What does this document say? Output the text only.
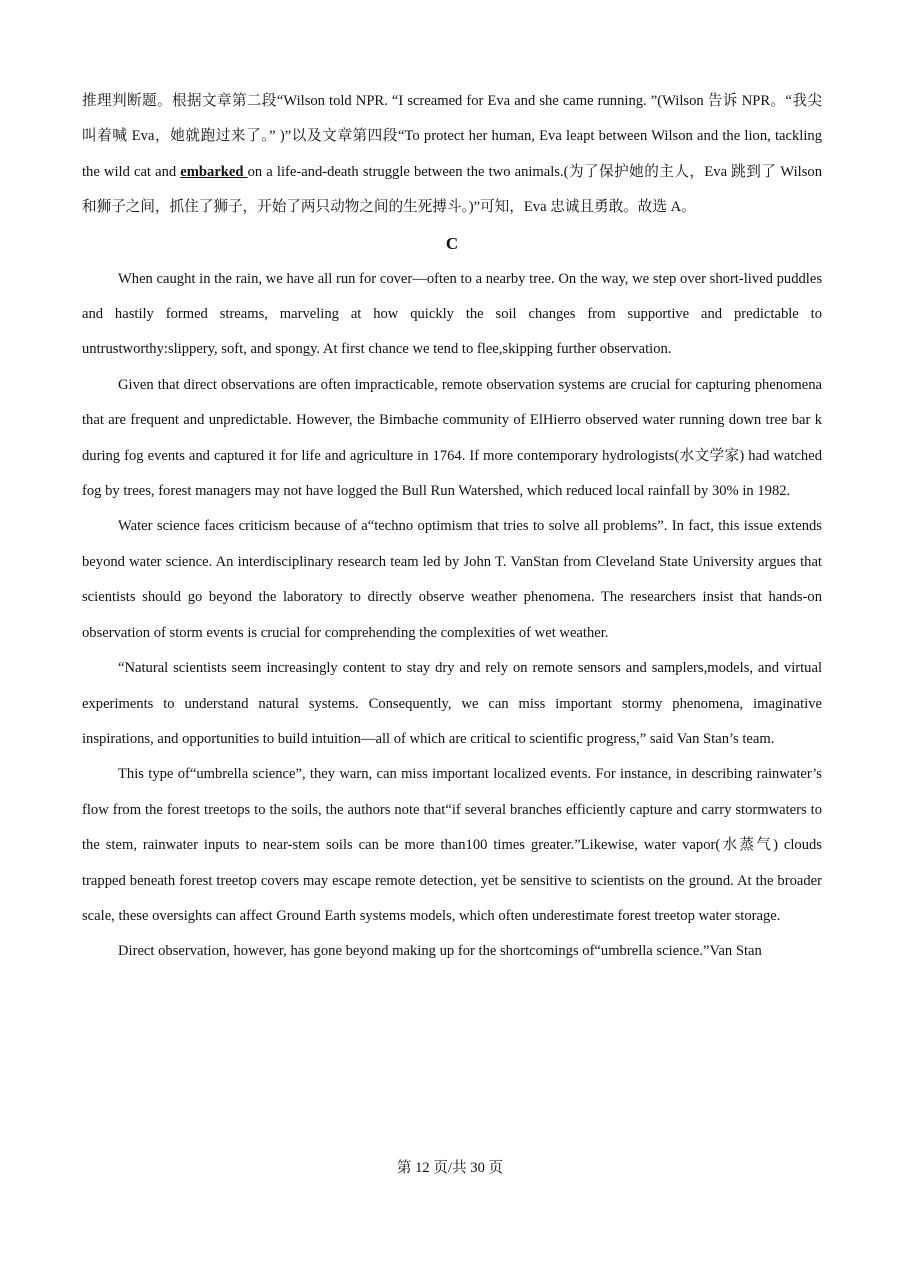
推理判断题。根据文章第二段“Wilson told NPR. “I screamed for Eva and she came running. ”(Wilson 告诉 NPR。“我尖叫着喊 Eva，她就跑过来了。” )”以及文章第四段“To protect her human, Eva leapt between Wilson and the lion, tackling the wild cat and embarked on a life-and-death struggle between the two animals.(为了保护她的主人，Eva 跳到了 Wilson 和狮子之间，抓住了狮子，开始了两只动物之间的生死搏斗。)”可知，Eva 忠诚且勇敢。故选 A。

C

When caught in the rain, we have all run for cover—often to a nearby tree. On the way, we step over short-lived puddles and hastily formed streams, marveling at how quickly the soil changes from supportive and predictable to untrustworthy:slippery, soft, and spongy. At first chance we tend to flee,skipping further observation.

Given that direct observations are often impracticable, remote observation systems are crucial for capturing phenomena that are frequent and unpredictable. However, the Bimbache community of ElHierro observed water running down tree bar k during fog events and captured it for life and agriculture in 1764. If more contemporary hydrologists(水文学家) had watched fog by trees, forest managers may not have logged the Bull Run Watershed, which reduced local rainfall by 30% in 1982.

Water science faces criticism because of a“techno optimism that tries to solve all problems”. In fact, this issue extends beyond water science. An interdisciplinary research team led by John T. VanStan from Cleveland State University argues that scientists should go beyond the laboratory to directly observe weather phenomena. The researchers insist that hands-on observation of storm events is crucial for comprehending the complexities of wet weather.

“Natural scientists seem increasingly content to stay dry and rely on remote sensors and samplers,models, and virtual experiments to understand natural systems. Consequently, we can miss important stormy phenomena, imaginative inspirations, and opportunities to build intuition—all of which are critical to scientific progress,” said Van Stan’s team.

This type of“umbrella science”, they warn, can miss important localized events. For instance, in describing rainwater’s flow from the forest treetops to the soils, the authors note that“if several branches efficiently capture and carry stormwaters to the stem, rainwater inputs to near-stem soils can be more than100 times greater.”Likewise, water vapor(水蒸气) clouds trapped beneath forest treetop covers may escape remote detection, yet be sensitive to scientists on the ground. At the broader scale, these oversights can affect Ground Earth systems models, which often underestimate forest treetop water storage.

Direct observation, however, has gone beyond making up for the shortcomings of“umbrella science.”Van Stan

第 12 页/共 30 页
